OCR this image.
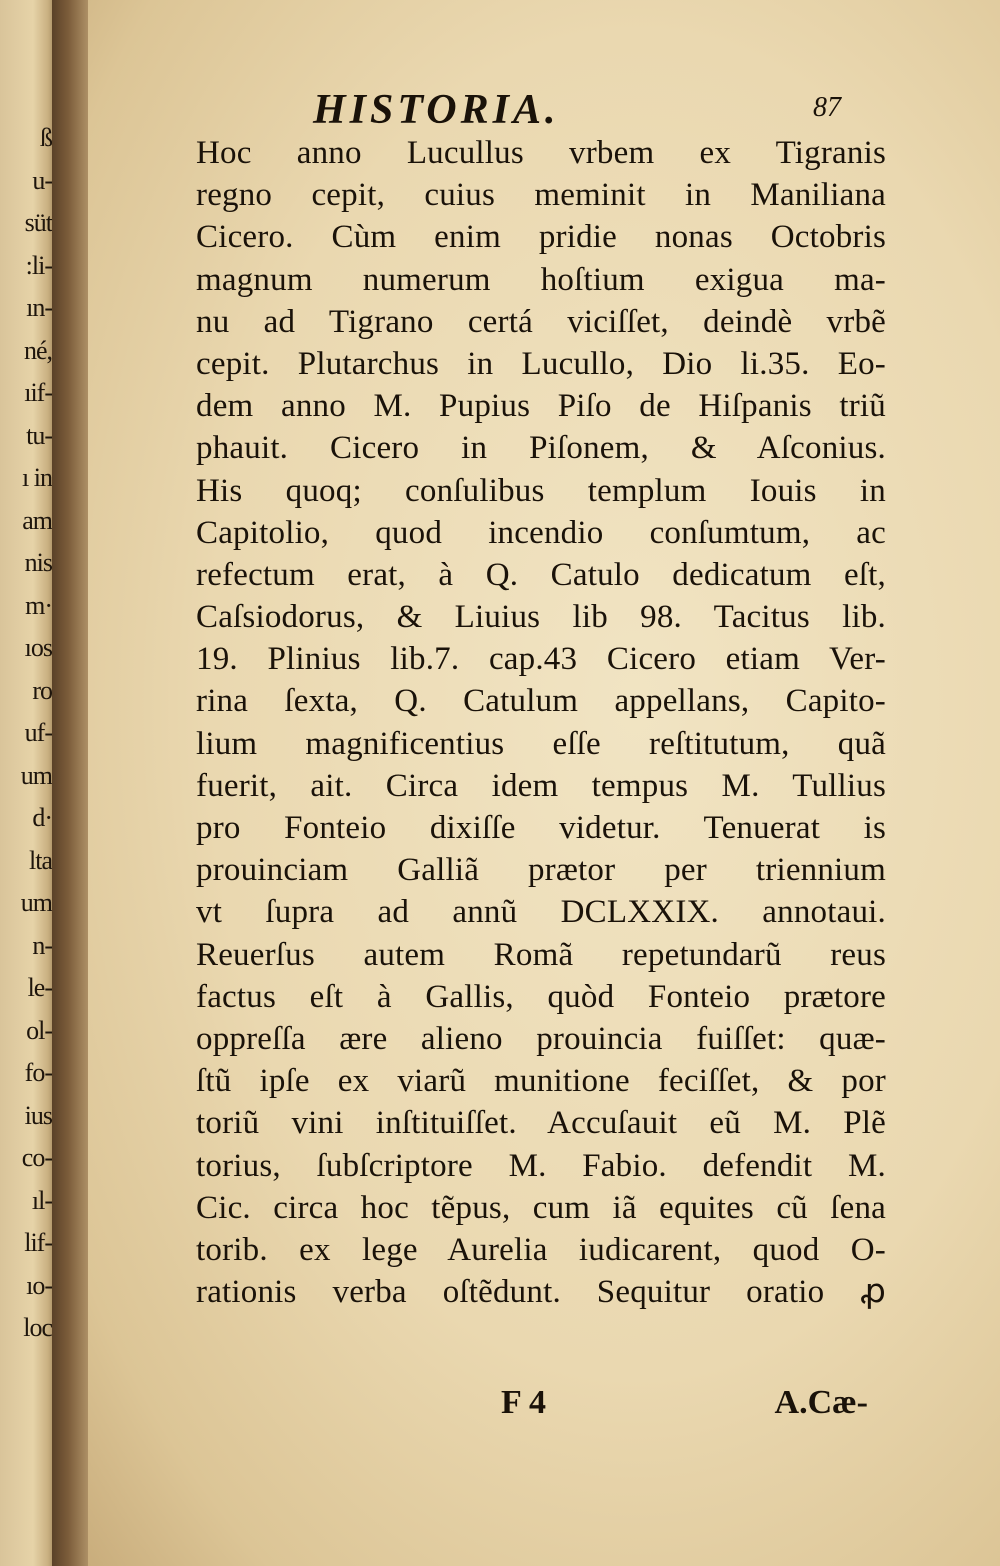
ß
u-
süt
:li-
ın-
né,
ıif-
tu-
ı in
am
nis
m·
ıos
ro
uf-
um
d·
lta
um
n-
le-
ol-
fo-
ius
co-
ıl-
lif-
ıo-
loc
HISTORIA.	87
Hoc anno Lucullus vrbem ex Tigranis
regno cepit, cuius meminit in Maniliana
Cicero. Cùm enim pridie nonas Octobris
magnum numerum hoſtium exigua ma-
nu ad Tigrano certá viciſſet, deindè vrbẽ
cepit. Plutarchus in Lucullo, Dio li.35. Eo-
dem anno M. Pupius Piſo de Hiſpanis triũ
phauit. Cicero in Piſonem, & Aſconius.
His quoq; conſulibus templum Iouis in
Capitolio, quod incendio conſumtum, ac
refectum erat, à Q. Catulo dedicatum eſt,
Caſsiodorus, & Liuius lib 98. Tacitus lib.
19. Plinius lib.7. cap.43 Cicero etiam Ver-
rina ſexta, Q. Catulum appellans, Capito-
lium magnificentius eſſe reſtitutum, quã
fuerit, ait. Circa idem tempus M. Tullius
pro Fonteio dixiſſe videtur. Tenuerat is
prouinciam Galliã prætor per triennium
vt ſupra ad annũ DCLXXIX. annotaui.
Reuerſus autem Romã repetundarũ reus
factus eſt à Gallis, quòd Fonteio prætore
oppreſſa ære alieno prouincia fuiſſet: quæ-
ſtũ ipſe ex viarũ munitione feciſſet, & por
toriũ vini inſtituiſſet. Accuſauit eũ M. Plẽ
torius, ſubſcriptore M. Fabio. defendit M.
Cic. circa hoc tẽpus, cum iã equites cũ ſena
torib. ex lege Aurelia iudicarent, quod O-
rationis verba oſtẽdunt. Sequitur oratio ꝓ
F 4	A.Cæ-
